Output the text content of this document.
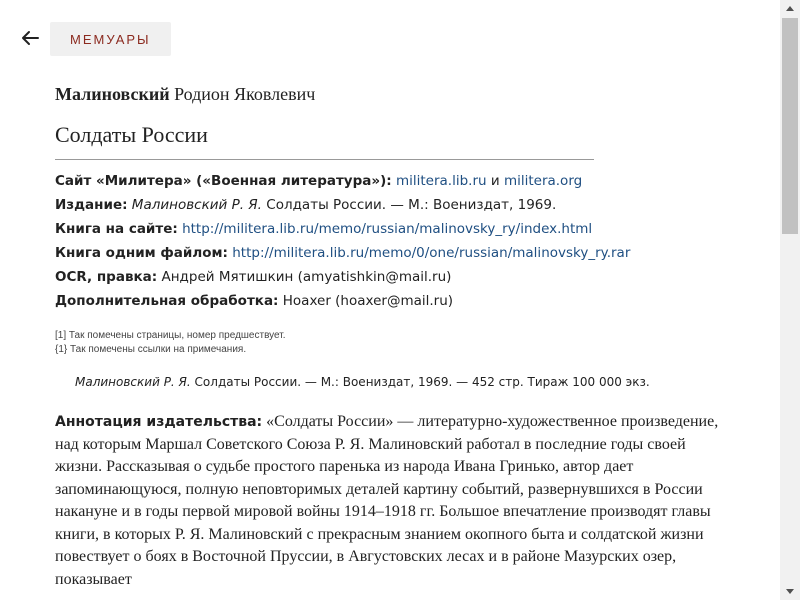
МЕМУАРЫ
Малиновский Родион Яковлевич
Солдаты России
Сайт «Милитера» («Военная литература»): militera.lib.ru и militera.org
Издание: Малиновский Р. Я. Солдаты России. — М.: Воениздат, 1969.
Книга на сайте: http://militera.lib.ru/memo/russian/malinovsky_ry/index.html
Книга одним файлом: http://militera.lib.ru/memo/0/one/russian/malinovsky_ry.rar
OCR, правка: Андрей Мятишкин (amyatishkin@mail.ru)
Дополнительная обработка: Hoaxer (hoaxer@mail.ru)
[1] Так помечены страницы, номер предшествует.
{1} Так помечены ссылки на примечания.
Малиновский Р. Я. Солдаты России. — М.: Воениздат, 1969. — 452 стр. Тираж 100 000 экз.
Аннотация издательства: «Солдаты России» — литературно-художественное произведение, над которым Маршал Советского Союза Р. Я. Малиновский работал в последние годы своей жизни. Рассказывая о судьбе простого паренька из народа Ивана Гринько, автор дает запоминающуюся, полную неповторимых деталей картину событий, развернувшихся в России накануне и в годы первой мировой войны 1914–1918 гг. Большое впечатление производят главы книги, в которых Р. Я. Малиновский с прекрасным знанием окопного быта и солдатской жизни повествует о боях в Восточной Пруссии, в Августовских лесах и в районе Мазурских озер, показывает
